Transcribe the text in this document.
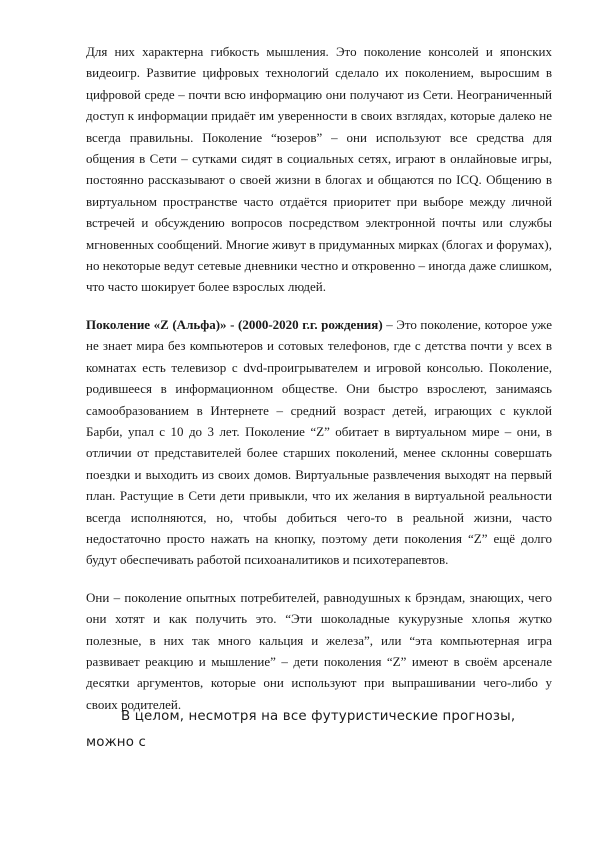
Для них характерна гибкость мышления. Это поколение консолей и японских видеоигр. Развитие цифровых технологий сделало их поколением, выросшим в цифровой среде – почти всю информацию они получают из Сети. Неограниченный доступ к информации придаёт им уверенности в своих взглядах, которые далеко не всегда правильны. Поколение “юзеров” – они используют все средства для общения в Сети – сутками сидят в социальных сетях, играют в онлайновые игры, постоянно рассказывают о своей жизни в блогах и общаются по ICQ. Общению в виртуальном пространстве часто отдаётся приоритет при выборе между личной встречей и обсуждению вопросов посредством электронной почты или службы мгновенных сообщений. Многие живут в придуманных мирках (блогах и форумах), но некоторые ведут сетевые дневники честно и откровенно – иногда даже слишком, что часто шокирует более взрослых людей.

Поколение «Z (Альфа)» - (2000-2020 г.г. рождения) – Это поколение, которое уже не знает мира без компьютеров и сотовых телефонов, где с детства почти у всех в комнатах есть телевизор с dvd-проигрывателем и игровой консолью. Поколение, родившееся в информационном обществе. Они быстро взрослеют, занимаясь самообразованием в Интернете – средний возраст детей, играющих с куклой Барби, упал с 10 до 3 лет. Поколение “Z” обитает в виртуальном мире – они, в отличии от представителей более старших поколений, менее склонны совершать поездки и выходить из своих домов. Виртуальные развлечения выходят на первый план. Растущие в Сети дети привыкли, что их желания в виртуальной реальности всегда исполняются, но, чтобы добиться чего-то в реальной жизни, часто недостаточно просто нажать на кнопку, поэтому дети поколения “Z” ещё долго будут обеспечивать работой психоаналитиков и психотерапевтов.

Они – поколение опытных потребителей, равнодушных к брэндам, знающих, чего они хотят и как получить это. “Эти шоколадные кукурузные хлопья жутко полезные, в них так много кальция и железа”, или “эта компьютерная игра развивает реакцию и мышление” – дети поколения “Z” имеют в своём арсенале десятки аргументов, которые они используют при выпрашивании чего-либо у своих родителей.

В целом, несмотря на все футуристические прогнозы, можно с
